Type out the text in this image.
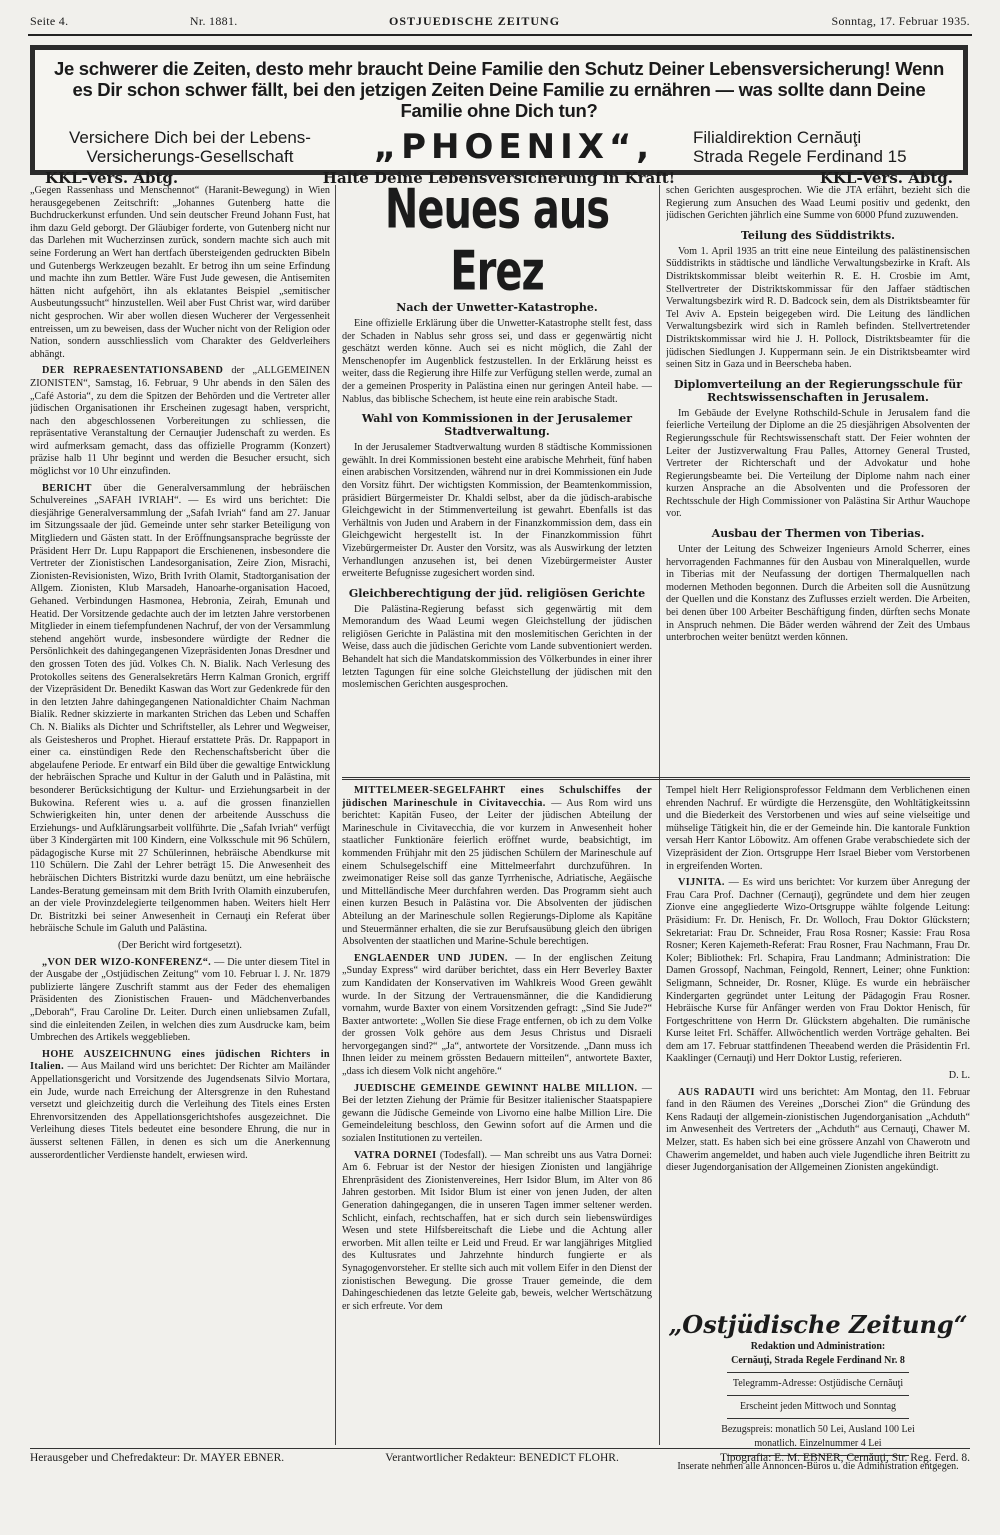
Seite 4.	Nr. 1881.	OSTJUEDISCHE ZEITUNG	Sonntag, 17. Februar 1935.
Je schwerer die Zeiten, desto mehr braucht Deine Familie den Schutz Deiner Lebensversicherung! Wenn es Dir schon schwer fällt, bei den jetzigen Zeiten Deine Familie zu ernähren — was sollte dann Deine Familie ohne Dich tun?
Versichere Dich bei der Lebens-
Versicherungs-Gesellschaft	„PHOENIX“, Filialdirektion Cernăuţi
Strada Regele Ferdinand 15
KKL-Vers. Abtg.	Halte Deine Lebensversicherung in Kraft!	KKL-Vers. Abtg.

„Gegen Rassenhass und Menschennot“ (Haranit-Bewegung) in Wien herausgegebenen Zeitschrift: „Johannes Gutenberg hatte die Buchdruckerkunst erfunden. Und sein deutscher Freund Johann Fust, hat ihm dazu Geld geborgt. Der Gläubiger forderte, von Gutenberg nicht nur das Darlehen mit Wucherzinsen zurück, sondern machte sich auch mit seine Forderung an Wert han dertfach übersteigenden gedruckten Bibeln und Gutenbergs Werkzeugen bezahlt. Er betrog ihn um seine Erfindung und machte ihn zum Bettler. Wäre Fust Jude gewesen, die Antisemiten hätten nicht aufgehört, ihn als eklatantes Beispiel „semitischer Ausbeutungssucht“ hinzustellen. Weil aber Fust Christ war, wird darüber nicht gesprochen. Wir aber wollen diesen Wucherer der Vergessenheit entreissen, um zu beweisen, dass der Wucher nicht von der Religion oder Nation, sondern ausschliesslich vom Charakter des Geldverleihers abhängt.

DER REPRAESENTATIONSABEND der „ALLGEMEINEN ZIONISTEN“, Samstag, 16. Februar, 9 Uhr abends in den Sälen des „Café Astoria“, zu dem die Spitzen der Behörden und die Vertreter aller jüdischen Organisationen ihr Erscheinen zugesagt haben, verspricht, nach den abgeschlossenen Vorbereitungen zu schliessen, die repräsentative Veranstaltung der Cernauţier Judenschaft zu werden. Es wird aufmerksam gemacht, dass das offizielle Programm (Konzert) präzise halb 11 Uhr beginnt und werden die Besucher ersucht, sich möglichst vor 10 Uhr einzufinden.

BERICHT über die Generalversammlung der hebräischen Schulvereines „SAFAH IVRIAH“. — Es wird uns berichtet: Die diesjährige Generalversammlung der „Safah Ivriah“ fand am 27. Januar im Sitzungssaale der jüd. Gemeinde unter sehr starker Beteiligung von Mitgliedern und Gästen statt. In der Eröffnungsansprache begrüsste der Präsident Herr Dr. Lupu Rappaport die Erschienenen, insbesondere die Vertreter der Zionistischen Landesorganisation, Zeire Zion, Misrachi, Zionisten-Revisionisten, Wizo, Brith Ivrith Olamit, Stadtorganisation der Allgem. Zionisten, Klub Marsadeh, Hanoarhe-organisation Hacoed, Gehaned. Verbindungen Hasmonea, Hebronia, Zeirah, Emunah und Heatid. Der Vorsitzende gedachte auch der im letzten Jahre verstorbenen Mitglieder in einem tiefempfundenen Nachruf, der von der Versammlung stehend angehört wurde, insbesondere würdigte der Redner die Persönlichkeit des dahingegangenen Vizepräsidenten Jonas Dresdner und den grossen Toten des jüd. Volkes Ch. N. Bialik. Nach Verlesung des Protokolles seitens des Generalsekretärs Herrn Kalman Gronich, ergriff der Vizepräsident Dr. Benedikt Kaswan das Wort zur Gedenkrede für den in den letzten Jahre dahingegangenen Nationaldichter Chaim Nachman Bialik. Redner skizzierte in markanten Strichen das Leben und Schaffen Ch. N. Bialiks als Dichter und Schriftsteller, als Lehrer und Wegweiser, als Geistesheros und Prophet. Hierauf erstattete Präs. Dr. Rappaport in einer ca. einstündigen Rede den Rechenschaftsbericht über die abgelaufene Periode. Er entwarf ein Bild über die gewaltige Entwicklung der hebräischen Sprache und Kultur in der Galuth und in Palästina, mit besonderer Berücksichtigung der Kultur- und Erziehungsarbeit in der Bukowina. Referent wies u. a. auf die grossen finanziellen Schwierigkeiten hin, unter denen der arbeitende Ausschuss die Erziehungs- und Aufklärungsarbeit vollführte. Die „Safah Ivriah“ verfügt über 3 Kindergärten mit 100 Kindern, eine Volksschule mit 96 Schülern, pädagogische Kurse mit 27 Schülerinnen, hebräische Abendkurse mit 110 Schülern. Die Zahl der Lehrer beträgt 15. Die Anwesenheit des hebräischen Dichters Bistritzki wurde dazu benützt, um eine hebräische Landes-Beratung gemeinsam mit dem Brith Ivrith Olamith einzuberufen, an der viele Provinzdelegierte teilgenommen haben. Weiters hielt Herr Dr. Bistritzki bei seiner Anwesenheit in Cernauţi ein Referat über hebräische Schule im Galuth und Palästina.

(Der Bericht wird fortgesetzt).

„VON DER WIZO-KONFERENZ“. — Die unter diesem Titel in der Ausgabe der „Ostjüdischen Zeitung“ vom 10. Februar l. J. Nr. 1879 publizierte längere Zuschrift stammt aus der Feder des ehemaligen Präsidenten des Zionistischen Frauen- und Mädchenverbandes „Deborah“, Frau Caroline Dr. Leiter. Durch einen unliebsamen Zufall, sind die einleitenden Zeilen, in welchen dies zum Ausdrucke kam, beim Umbrechen des Artikels weggeblieben.

HOHE AUSZEICHNUNG eines jüdischen Richters in Italien. — Aus Mailand wird uns berichtet: Der Richter am Mailänder Appellationsgericht und Vorsitzende des Jugendsenats Silvio Mortara, ein Jude, wurde nach Erreichung der Altersgrenze in den Ruhestand versetzt und gleichzeitig durch die Verleihung des Titels eines Ersten Ehrenvorsitzenden des Appellationsgerichtshofes ausgezeichnet. Die Verleihung dieses Titels bedeutet eine besondere Ehrung, die nur in äusserst seltenen Fällen, in denen es sich um die Anerkennung ausserordentlicher Verdienste handelt, erwiesen wird.

Neues aus Erez
Nach der Unwetter-Katastrophe.

Eine offizielle Erklärung über die Unwetter-Katastrophe stellt fest, dass der Schaden in Nablus sehr gross sei, und dass er gegenwärtig nicht geschätzt werden könne. Auch sei es nicht möglich, die Zahl der Menschenopfer im Augenblick festzustellen. In der Erklärung heisst es weiter, dass die Regierung ihre Hilfe zur Verfügung stellen werde, zumal an der a gemeinen Prosperity in Palästina einen nur geringen Anteil habe. — Nablus, das biblische Schechem, ist heute eine rein arabische Stadt.

Wahl von Kommissionen in der Jerusalemer Stadtverwaltung.

In der Jerusalemer Stadtverwaltung wurden 8 städtische Kommissionen gewählt. In drei Kommissionen besteht eine arabische Mehrheit, fünf haben einen arabischen Vorsitzenden, während nur in drei Kommissionen ein Jude den Vorsitz führt. Der wichtigsten Kommission, der Beamtenkommission, präsidiert Bürgermeister Dr. Khaldi selbst, aber da die jüdisch-arabische Gleichgewicht in der Stimmenverteilung ist gewahrt. Ebenfalls ist das Verhältnis von Juden und Arabern in der Finanzkommission dem, dass ein Gleichgewicht hergestellt ist. In der Finanzkommission führt Vizebürgermeister Dr. Auster den Vorsitz, was als Auswirkung der letzten Verhandlungen anzusehen ist, bei denen Vizebürgermeister Auster erweiterte Befugnisse zugesichert worden sind.

Gleichberechtigung der jüd. religiösen Gerichte

Die Palästina-Regierung befasst sich gegenwärtig mit dem Memorandum des Waad Leumi wegen Gleichstellung der jüdischen religiösen Gerichte in Palästina mit den moslemitischen Gerichten in der Weise, dass auch die jüdischen Gerichte vom Lande subventioniert werden. Behandelt hat sich die Mandatskommission des Völkerbundes in einer ihrer letzten Tagungen für eine solche Gleichstellung der jüdischen mit den moslemischen Gerichten ausgesprochen.

schen Gerichten ausgesprochen. Wie die JTA erfährt, bezieht sich die Regierung zum Ansuchen des Waad Leumi positiv und gedenkt, den jüdischen Gerichten jährlich eine Summe von 6000 Pfund zuzuwenden.

Teilung des Süddistrikts.

Vom 1. April 1935 an tritt eine neue Einteilung des palästinensischen Süddistrikts in städtische und ländliche Verwaltungsbezirke in Kraft. Als Distriktskommissar bleibt weiterhin R. E. H. Crosbie im Amt, Stellvertreter der Distriktskommissar für den Jaffaer städtischen Verwaltungsbezirk wird R. D. Badcock sein, dem als Distriktsbeamter für Tel Aviv A. Epstein beigegeben wird. Die Leitung des ländlichen Verwaltungsbezirk wird sich in Ramleh befinden. Stellvertretender Distriktskommissar wird hie J. H. Pollock, Distriktsbeamter für die jüdischen Siedlungen J. Kuppermann sein. Je ein Distriktsbeamter wird seinen Sitz in Gaza und in Beerscheba haben.

Diplomverteilung an der Regierungsschule für Rechtswissenschaften in Jerusalem.

Im Gebäude der Evelyne Rothschild-Schule in Jerusalem fand die feierliche Verteilung der Diplome an die 25 diesjährigen Absolventen der Regierungsschule für Rechtswissenschaft statt. Der Feier wohnten der Leiter der Justizverwaltung Frau Palles, Attorney General Trusted, Vertreter der Richterschaft und der Advokatur und hohe Regierungsbeamte bei. Die Verteilung der Diplome nahm nach einer kurzen Ansprache an die Absolventen und die Professoren der Rechtsschule der High Commissioner von Palästina Sir Arthur Wauchope vor.

Ausbau der Thermen von Tiberias.

Unter der Leitung des Schweizer Ingenieurs Arnold Scherrer, eines hervorragenden Fachmannes für den Ausbau von Mineralquellen, wurde in Tiberias mit der Neufassung der dortigen Thermalquellen nach modernen Methoden begonnen. Durch die Arbeiten soll die Ausnützung der Quellen und die Konstanz des Zuflusses erzielt werden. Die Arbeiten, bei denen über 100 Arbeiter Beschäftigung finden, dürften sechs Monate in Anspruch nehmen. Die Bäder werden während der Zeit des Umbaus unterbrochen weiter benützt werden können.

MITTELMEER-SEGELFAHRT eines Schulschiffes der jüdischen Marineschule in Civitavecchia. — Aus Rom wird uns berichtet: Kapitän Fuseo, der Leiter der jüdischen Abteilung der Marineschule in Civitavecchia, die vor kurzem in Anwesenheit hoher staatlicher Funktionäre feierlich eröffnet wurde, beabsichtigt, im kommenden Frühjahr mit den 25 jüdischen Schülern der Marineschule auf einem Schulsegelschiff eine Mittelmeerfahrt durchzuführen. In zweimonatiger Reise soll das ganze Tyrrhenische, Adriatische, Aegäische und Mittelländische Meer durchfahren werden. Das Programm sieht auch einen kurzen Besuch in Palästina vor. Die Absolventen der jüdischen Abteilung an der Marineschule sollen Regierungs-Diplome als Kapitäne und Steuermänner erhalten, die sie zur Berufsausübung gleich den übrigen Absolventen der staatlichen und Marine-Schule berechtigen.

ENGLAENDER UND JUDEN. — In der englischen Zeitung „Sunday Express“ wird darüber berichtet, dass ein Herr Beverley Baxter zum Kandidaten der Konservativen im Wahlkreis Wood Green gewählt wurde. In der Sitzung der Vertrauensmänner, die die Kandidierung vornahm, wurde Baxter von einem Vorsitzenden gefragt: „Sind Sie Jude?“ Baxter antwortete: „Wollen Sie diese Frage entfernen, ob ich zu dem Volke der grossen Volk gehöre aus dem Jesus Christus und Disraeli hervorgegangen sind?“ „Ja“, antwortete der Vorsitzende. „Dann muss ich Ihnen leider zu meinem grössten Bedauern mitteilen“, antwortete Baxter, „dass ich diesem Volk nicht angehöre.“

JUEDISCHE GEMEINDE GEWINNT HALBE MILLION. — Bei der letzten Ziehung der Prämie für Besitzer italienischer Staatspapiere gewann die Jüdische Gemeinde von Livorno eine halbe Million Lire. Die Gemeindeleitung beschloss, den Gewinn sofort auf die Armen und die sozialen Institutionen zu verteilen.

VATRA DORNEI (Todesfall). — Man schreibt uns aus Vatra Dornei: Am 6. Februar ist der Nestor der hiesigen Zionisten und langjährige Ehrenpräsident des Zionistenvereines, Herr Isidor Blum, im Alter von 86 Jahren gestorben. Mit Isidor Blum ist einer von jenen Juden, der alten Generation dahingegangen, die in unseren Tagen immer seltener werden. Schlicht, einfach, rechtschaffen, hat er sich durch sein liebenswürdiges Wesen und stete Hilfsbereitschaft die Liebe und die Achtung aller erworben. Mit allen teilte er Leid und Freud. Er war langjähriges Mitglied des Kultusrates und Jahrzehnte hindurch fungierte er als Synagogenvorsteher. Er stellte sich auch mit vollem Eifer in den Dienst der zionistischen Bewegung. Die grosse Trauer gemeinde, die dem Dahingeschiedenen das letzte Geleite gab, beweis, welcher Wertschätzung er sich erfreute. Vor dem

Tempel hielt Herr Religionsprofessor Feldmann dem Verblichenen einen ehrenden Nachruf. Er würdigte die Herzensgüte, den Wohltätigkeitssinn und die Biederkeit des Verstorbenen und wies auf seine vielseitige und mühselige Tätigkeit hin, die er der Gemeinde hin. Die kantorale Funktion versah Herr Kantor Löbowitz. Am offenen Grabe verabschiedete sich der Vizepräsident der Zion. Ortsgruppe Herr Israel Bieber vom Verstorbenen in ergreifenden Worten.

VIJNITA. — Es wird uns berichtet: Vor kurzem über Anregung der Frau Cara Prof. Dachner (Cernauţi), gegründete und dem hier zeugen Zionve eine angegliederte Wizo-Ortsgruppe wählte folgende Leitung: Präsidium: Fr. Dr. Henisch, Fr. Dr. Wolloch, Frau Doktor Glückstern; Sekretariat: Frau Dr. Schneider, Frau Rosa Rosner; Kassie: Frau Rosa Rosner; Keren Kajemeth-Referat: Frau Rosner, Frau Nachmann, Frau Dr. Koler; Bibliothek: Frl. Schapira, Frau Landmann; Administration: Die Damen Grossopf, Nachman, Feingold, Rennert, Leiner; ohne Funktion: Seligmann, Schneider, Dr. Rosner, Klüge. Es wurde ein hebräischer Kindergarten gegründet unter Leitung der Pädagogin Frau Rosner. Hebräische Kurse für Anfänger werden von Frau Doktor Henisch, für Fortgeschrittene von Herrn Dr. Glückstern abgehalten. Die rumänische Kurse leitet Frl. Schäffer. Allwöchentlich werden Vorträge gehalten. Bei dem am 17. Februar stattfindenen Theeabend werden die Präsidentin Frl. Kaaklinger (Cernauţi) und Herr Doktor Lustig, referieren.

D. L.

AUS RADAUTI wird uns berichtet: Am Montag, den 11. Februar fand in den Räumen des Vereines „Dorschei Zion“ die Gründung des Kens Radauţi der allgemein-zionistischen Jugendorganisation „Achduth“ im Anwesenheit des Vertreters der „Achduth“ aus Cernauţi, Chawer M. Melzer, statt. Es haben sich bei eine grössere Anzahl von Chawerotn und Chawerim angemeldet, und haben auch viele Jugendliche ihren Beitritt zu dieser Jugendorganisation der Allgemeinen Zionisten angekündigt.

„Ostjüdische Zeitung“
Redaktion und Administration:
Cernăuţi, Strada Regele Ferdinand Nr. 8
Telegramm-Adresse: Ostjüdische Cernăuţi
Erscheint jeden Mittwoch und Sonntag
Bezugspreis: monatlich 50 Lei, Ausland 100 Lei
monatlich. Einzelnummer 4 Lei
Inserate nehmen alle Annoncen-Büros u. die Administration entgegen.
Herausgeber und Chefredakteur: Dr. MAYER EBNER.	Verantwortlicher Redakteur: BENEDICT FLOHR.	Tipografia: E. M. EBNER, Cernăuţi, Str. Reg. Ferd. 8.
